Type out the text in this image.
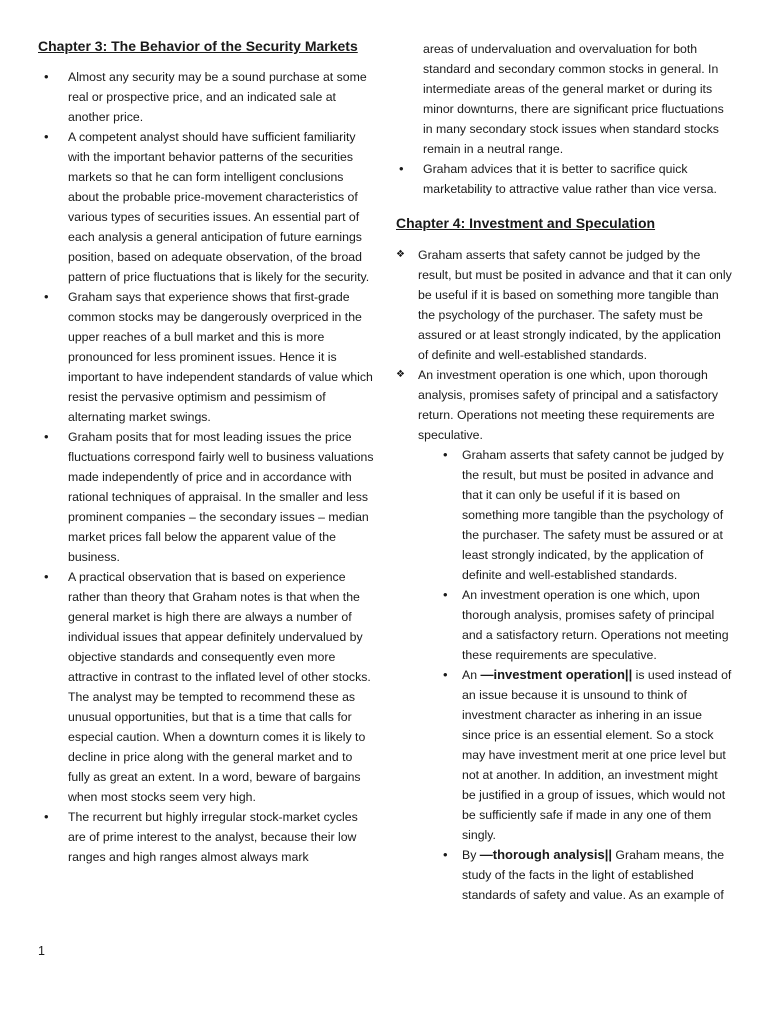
Chapter 3: The Behavior of the Security Markets
• Almost any security may be a sound purchase at some real or prospective price, and an indicated sale at another price.
• A competent analyst should have sufficient familiarity with the important behavior patterns of the securities markets so that he can form intelligent conclusions about the probable price-movement characteristics of various types of securities issues. An essential part of each analysis a general anticipation of future earnings position, based on adequate observation, of the broad pattern of price fluctuations that is likely for the security.
• Graham says that experience shows that first-grade common stocks may be dangerously overpriced in the upper reaches of a bull market and this is more pronounced for less prominent issues. Hence it is important to have independent standards of value which resist the pervasive optimism and pessimism of alternating market swings.
• Graham posits that for most leading issues the price fluctuations correspond fairly well to business valuations made independently of price and in accordance with rational techniques of appraisal. In the smaller and less prominent companies – the secondary issues – median market prices fall below the apparent value of the business.
• A practical observation that is based on experience rather than theory that Graham notes is that when the general market is high there are always a number of individual issues that appear definitely undervalued by objective standards and consequently even more attractive in contrast to the inflated level of other stocks. The analyst may be tempted to recommend these as unusual opportunities, but that is a time that calls for especial caution. When a downturn comes it is likely to decline in price along with the general market and to fully as great an extent. In a word, beware of bargains when most stocks seem very high.
• The recurrent but highly irregular stock-market cycles are of prime interest to the analyst, because their low ranges and high ranges almost always mark
areas of undervaluation and overvaluation for both standard and secondary common stocks in general. In intermediate areas of the general market or during its minor downturns, there are significant price fluctuations in many secondary stock issues when standard stocks remain in a neutral range.
• Graham advices that it is better to sacrifice quick marketability to attractive value rather than vice versa.
Chapter 4: Investment and Speculation
❖ Graham asserts that safety cannot be judged by the result, but must be posited in advance and that it can only be useful if it is based on something more tangible than the psychology of the purchaser. The safety must be assured or at least strongly indicated, by the application of definite and well-established standards.
❖ An investment operation is one which, upon thorough analysis, promises safety of principal and a satisfactory return. Operations not meeting these requirements are speculative.
• Graham asserts that safety cannot be judged by the result, but must be posited in advance and that it can only be useful if it is based on something more tangible than the psychology of the purchaser. The safety must be assured or at least strongly indicated, by the application of definite and well-established standards.
• An investment operation is one which, upon thorough analysis, promises safety of principal and a satisfactory return. Operations not meeting these requirements are speculative.
• An —investment operation|| is used instead of an issue because it is unsound to think of investment character as inhering in an issue since price is an essential element. So a stock may have investment merit at one price level but not at another. In addition, an investment might be justified in a group of issues, which would not be sufficiently safe if made in any one of them singly.
• By —thorough analysis|| Graham means, the study of the facts in the light of established standards of safety and value. As an example of
1
